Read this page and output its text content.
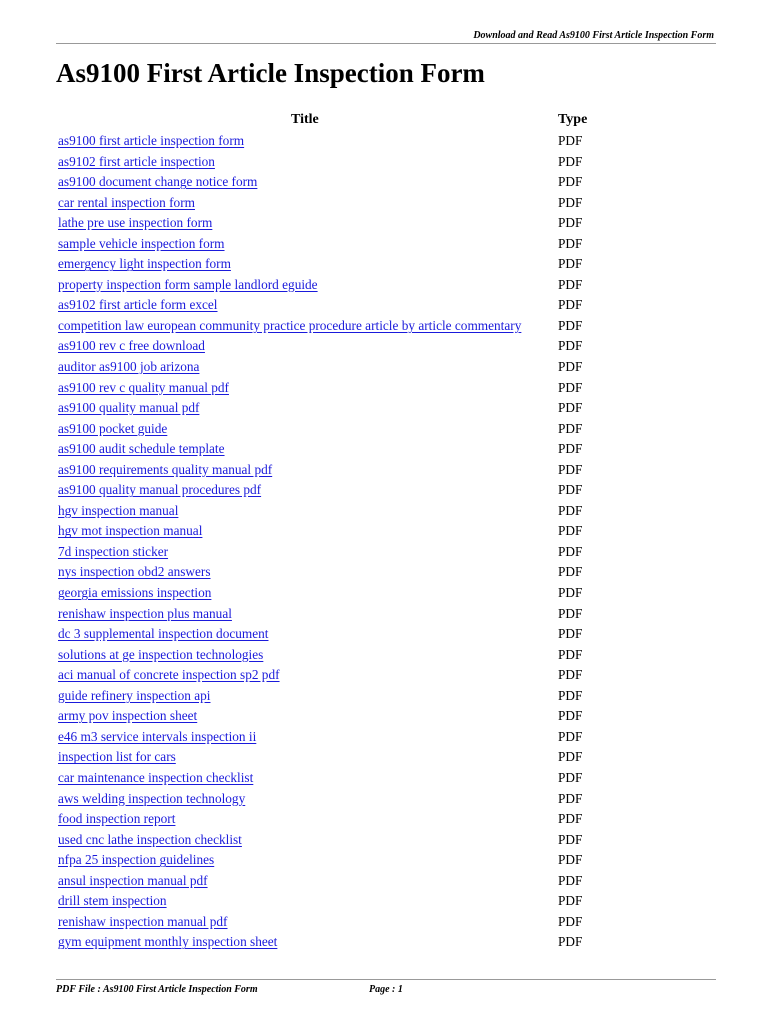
Download and Read As9100 First Article Inspection Form
As9100 First Article Inspection Form
Title	Type
as9100 first article inspection form	PDF
as9102 first article inspection	PDF
as9100 document change notice form	PDF
car rental inspection form	PDF
lathe pre use inspection form	PDF
sample vehicle inspection form	PDF
emergency light inspection form	PDF
property inspection form sample landlord eguide	PDF
as9102 first article form excel	PDF
competition law european community practice procedure article by article commentary	PDF
as9100 rev c free download	PDF
auditor as9100 job arizona	PDF
as9100 rev c quality manual pdf	PDF
as9100 quality manual pdf	PDF
as9100 pocket guide	PDF
as9100 audit schedule template	PDF
as9100 requirements quality manual pdf	PDF
as9100 quality manual procedures pdf	PDF
hgv inspection manual	PDF
hgv mot inspection manual	PDF
7d inspection sticker	PDF
nys inspection obd2 answers	PDF
georgia emissions inspection	PDF
renishaw inspection plus manual	PDF
dc 3 supplemental inspection document	PDF
solutions at ge inspection technologies	PDF
aci manual of concrete inspection sp2 pdf	PDF
guide refinery inspection api	PDF
army pov inspection sheet	PDF
e46 m3 service intervals inspection ii	PDF
inspection list for cars	PDF
car maintenance inspection checklist	PDF
aws welding inspection technology	PDF
food inspection report	PDF
used cnc lathe inspection checklist	PDF
nfpa 25 inspection guidelines	PDF
ansul inspection manual pdf	PDF
drill stem inspection	PDF
renishaw inspection manual pdf	PDF
gym equipment monthly inspection sheet	PDF
PDF File : As9100 First Article Inspection Form	Page : 1
